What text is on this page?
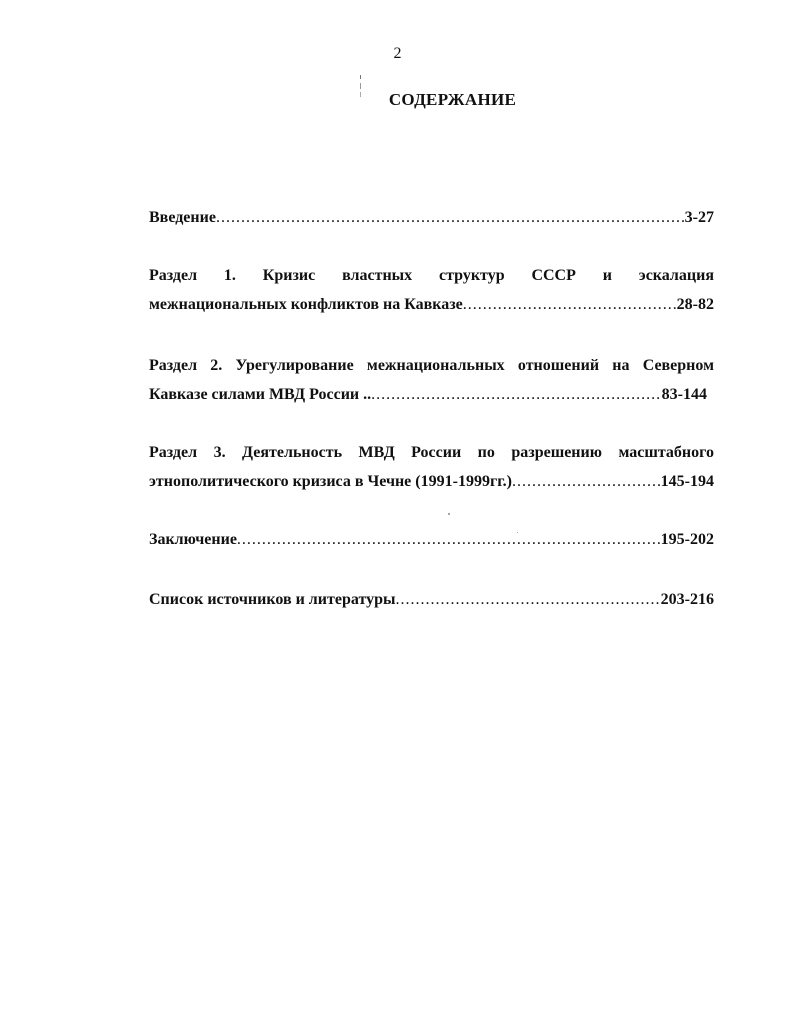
2
СОДЕРЖАНИЕ
Введение .....	3-27
Раздел 1. Кризис властных структур СССР и эскалация
межнациональных конфликтов на Кавказе .....	28-82
Раздел 2. Урегулирование межнациональных отношений на Северном
Кавказе силами МВД России .. .....	83-144
Раздел 3. Деятельность МВД России по разрешению масштабного
этнополитического кризиса в Чечне (1991-1999гг.) .....	145-194
Заключение .....	195-202
Список источников и литературы .....	203-216
